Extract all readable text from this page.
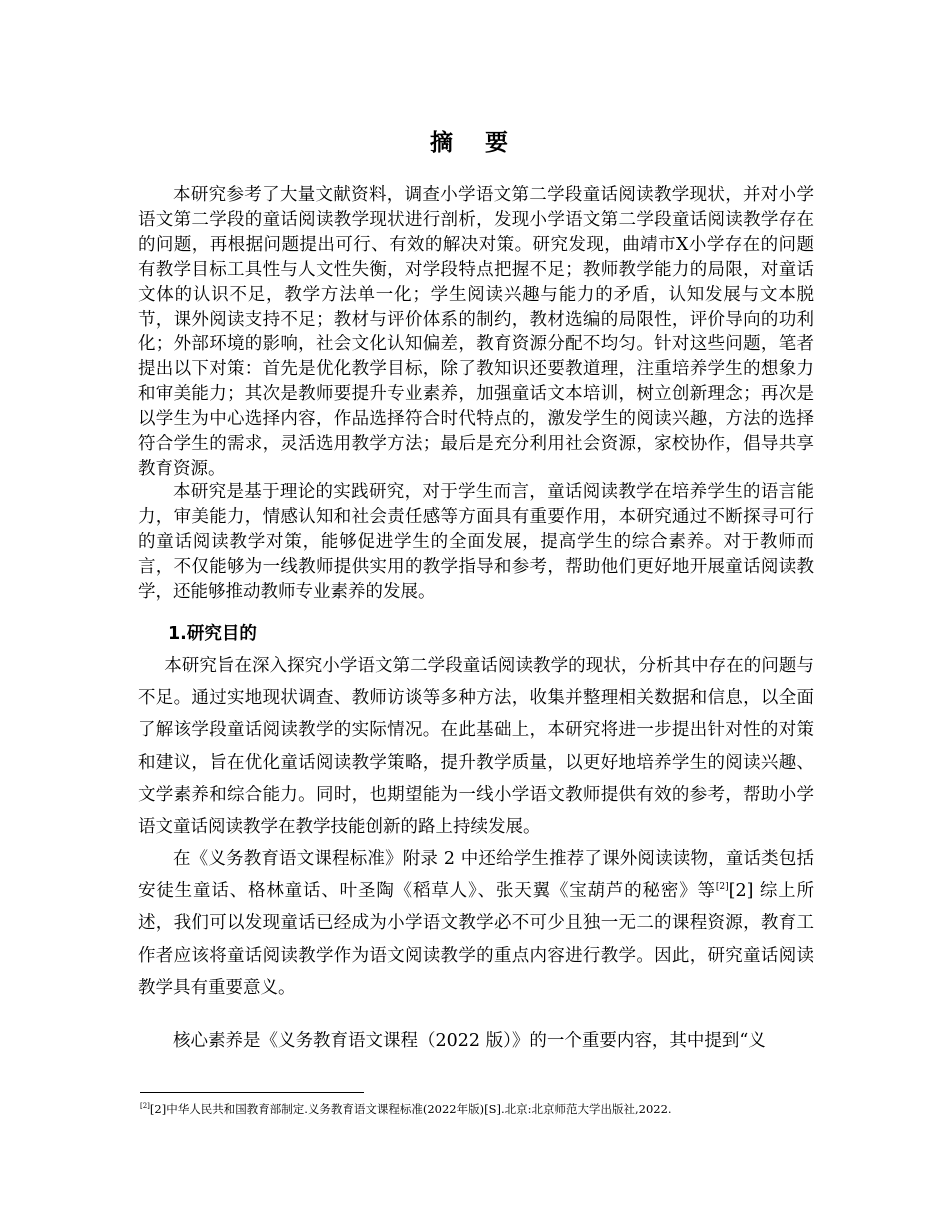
摘 要

本研究参考了大量文献资料，调查小学语文第二学段童话阅读教学现状，并对小学语文第二学段的童话阅读教学现状进行剖析，发现小学语文第二学段童话阅读教学存在的问题，再根据问题提出可行、有效的解决对策。研究发现，曲靖市X小学存在的问题有教学目标工具性与人文性失衡，对学段特点把握不足；教师教学能力的局限，对童话文体的认识不足，教学方法单一化；学生阅读兴趣与能力的矛盾，认知发展与文本脱节，课外阅读支持不足；教材与评价体系的制约，教材选编的局限性，评价导向的功利化；外部环境的影响，社会文化认知偏差，教育资源分配不均匀。针对这些问题，笔者提出以下对策：首先是优化教学目标，除了教知识还要教道理，注重培养学生的想象力和审美能力；其次是教师要提升专业素养，加强童话文本培训，树立创新理念；再次是以学生为中心选择内容，作品选择符合时代特点的，激发学生的阅读兴趣，方法的选择符合学生的需求，灵活选用教学方法；最后是充分利用社会资源，家校协作，倡导共享教育资源。

本研究是基于理论的实践研究，对于学生而言，童话阅读教学在培养学生的语言能力，审美能力，情感认知和社会责任感等方面具有重要作用，本研究通过不断探寻可行的童话阅读教学对策，能够促进学生的全面发展，提高学生的综合素养。对于教师而言，不仅能够为一线教师提供实用的教学指导和参考，帮助他们更好地开展童话阅读教学，还能够推动教师专业素养的发展。

1.研究目的

本研究旨在深入探究小学语文第二学段童话阅读教学的现状，分析其中存在的问题与不足。通过实地现状调查、教师访谈等多种方法，收集并整理相关数据和信息，以全面了解该学段童话阅读教学的实际情况。在此基础上，本研究将进一步提出针对性的对策和建议，旨在优化童话阅读教学策略，提升教学质量，以更好地培养学生的阅读兴趣、文学素养和综合能力。同时，也期望能为一线小学语文教师提供有效的参考，帮助小学语文童话阅读教学在教学技能创新的路上持续发展。

在《义务教育语文课程标准》附录 2 中还给学生推荐了课外阅读读物，童话类包括安徒生童话、格林童话、叶圣陶《稻草人》、张天翼《宝葫芦的秘密》等[2][2] 综上所述，我们可以发现童话已经成为小学语文教学必不可少且独一无二的课程资源，教育工作者应该将童话阅读教学作为语文阅读教学的重点内容进行教学。因此，研究童话阅读教学具有重要意义。

核心素养是《义务教育语文课程（2022 版）》的一个重要内容，其中提到“义

[2][2]中华人民共和国教育部制定.义务教育语文课程标准(2022年版)[S].北京:北京师范大学出版社,2022.
